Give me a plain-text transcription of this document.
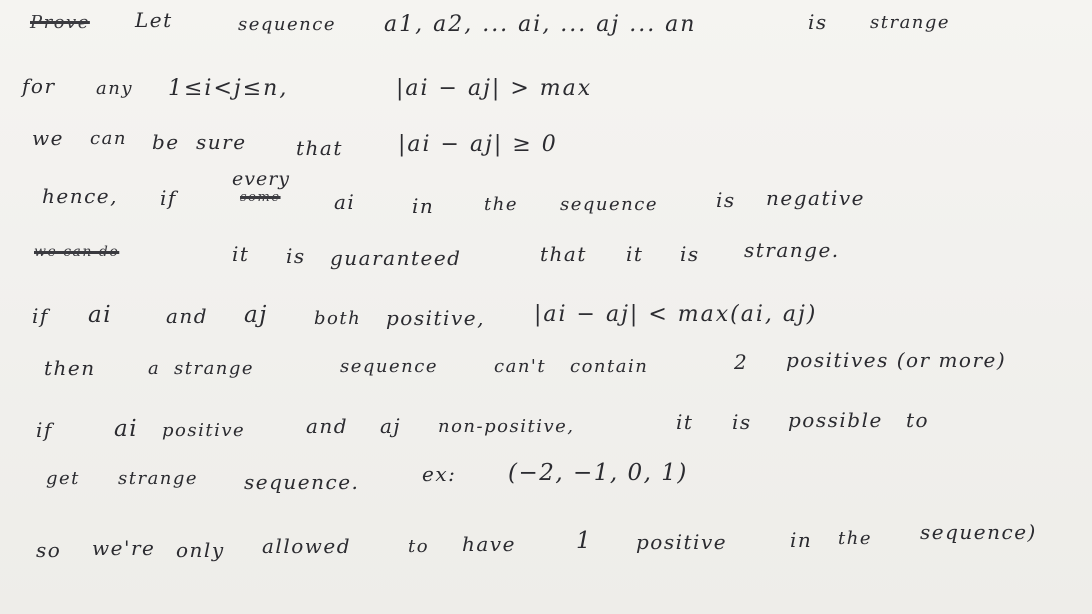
Prove Let	sequence a1, a2, ... ai, ... aj ... an	is strange
for any 1≤i<j≤n,	|ai − aj| > max
we can be sure that	|ai − aj| ≥ 0
hence, if
every
some	ai	in	the sequence	is negative
we can do	it is guaranteed	that it is strange.
if ai	and aj	both positive, |ai − aj| < max(ai, aj)
then	a strange	sequence	can't contain	2 positives (or more)
if	ai positive	and aj non-positive,	it is possible to
get strange sequence.	ex: (−2, −1, 0, 1)
so we're only allowed	to have	1 positive	in the sequence)
